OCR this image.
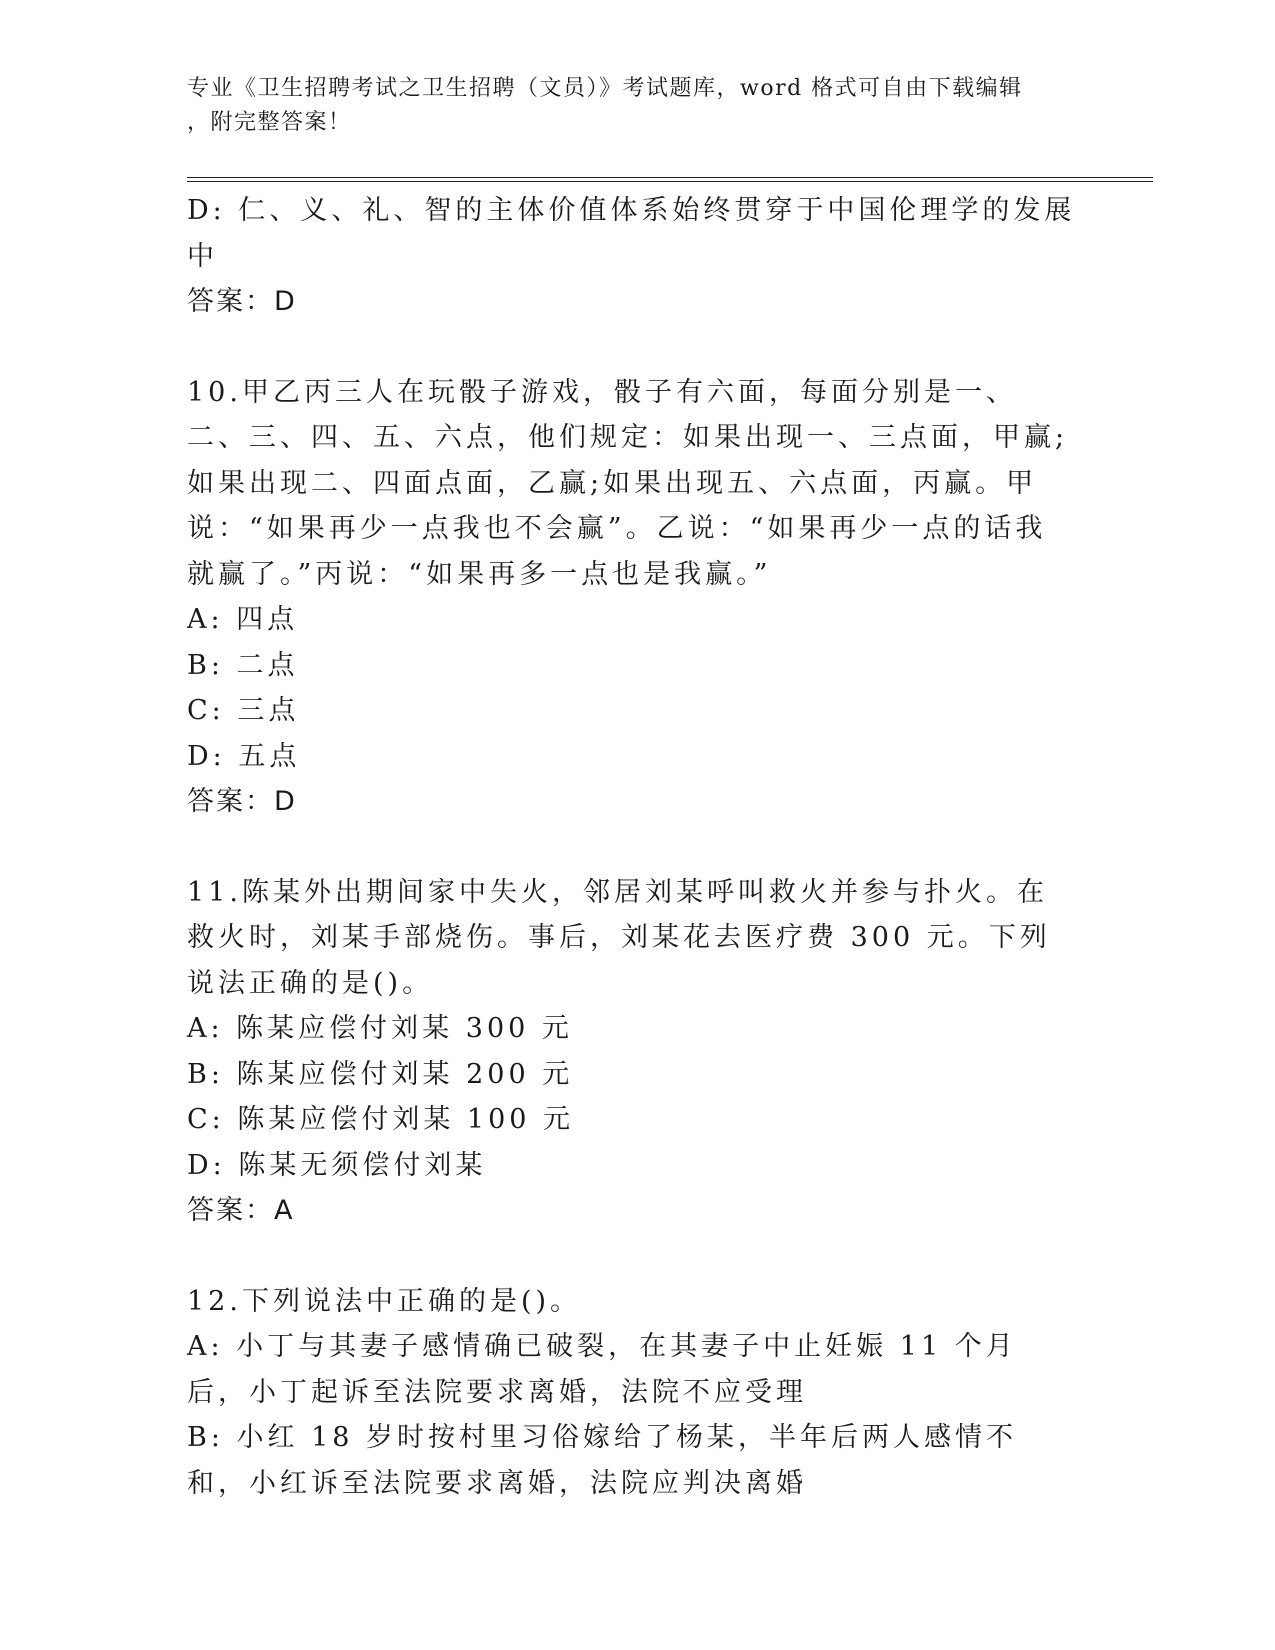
专业《卫生招聘考试之卫生招聘（文员）》考试题库，word 格式可自由下载编辑
，附完整答案！
D: 仁、义、礼、智的主体价值体系始终贯穿于中国伦理学的发展中
答案：D
10.甲乙丙三人在玩骰子游戏，骰子有六面，每面分别是一、二、三、四、五、六点，他们规定：如果出现一、三点面，甲赢;如果出现二、四面点面，乙赢;如果出现五、六点面，丙赢。甲说：“如果再少一点我也不会赢”。乙说：“如果再少一点的话我就赢了。”丙说：“如果再多一点也是我赢。”
A: 四点
B: 二点
C: 三点
D: 五点
答案：D
11.陈某外出期间家中失火，邻居刘某呼叫救火并参与扑火。在救火时，刘某手部烧伤。事后，刘某花去医疗费 300 元。下列说法正确的是()。
A: 陈某应偿付刘某 300 元
B: 陈某应偿付刘某 200 元
C: 陈某应偿付刘某 100 元
D: 陈某无须偿付刘某
答案：A
12.下列说法中正确的是()。
A: 小丁与其妻子感情确已破裂，在其妻子中止妊娠 11 个月后，小丁起诉至法院要求离婚，法院不应受理
B: 小红 18 岁时按村里习俗嫁给了杨某，半年后两人感情不和，小红诉至法院要求离婚，法院应判决离婚
